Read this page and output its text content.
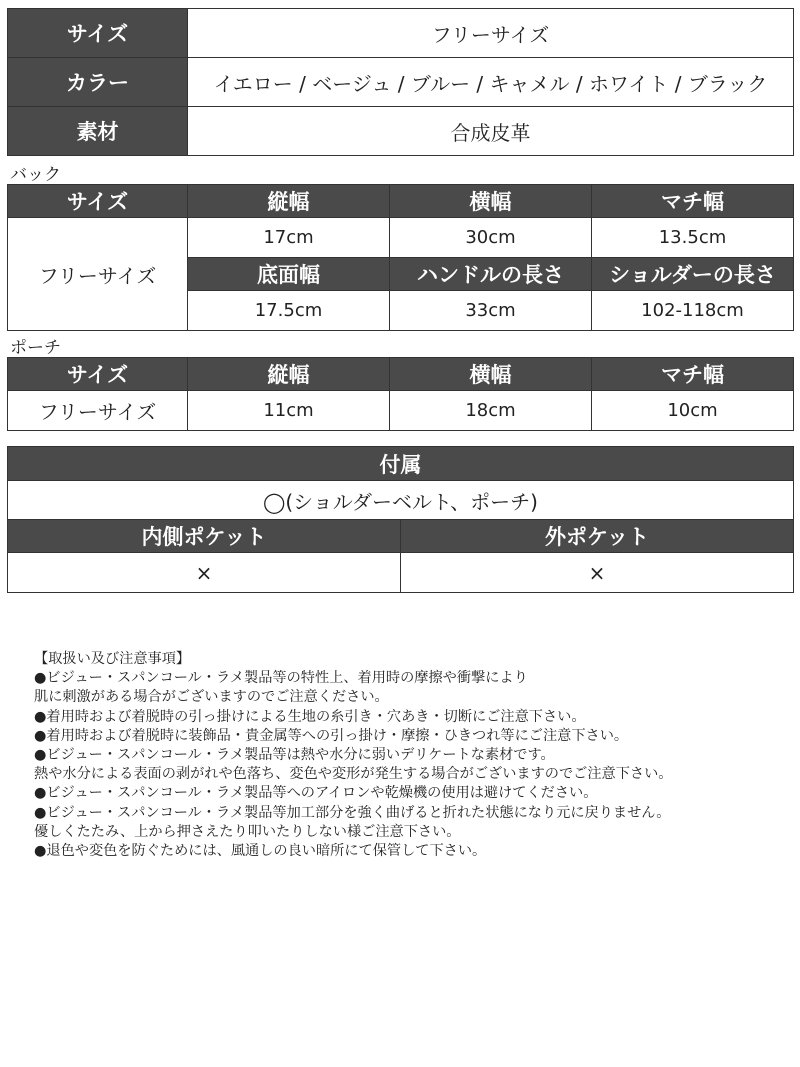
サイズ	フリーサイズ
カラー	イエロー / ベージュ / ブルー / キャメル / ホワイト / ブラック
素材	合成皮革
バック
サイズ	縦幅	横幅	マチ幅
フリーサイズ	17cm	30cm	13.5cm
	底面幅	ハンドルの長さ	ショルダーの長さ
	17.5cm	33cm	102-118cm
ポーチ
サイズ	縦幅	横幅	マチ幅
フリーサイズ	11cm	18cm	10cm
付属	
◯(ショルダーベルト、ポーチ)	
内側ポケット	外ポケット
×	×
【取扱い及び注意事項】
●ビジュー・スパンコール・ラメ製品等の特性上、着用時の摩擦や衝撃により
肌に刺激がある場合がございますのでご注意ください。
●着用時および着脱時の引っ掛けによる生地の糸引き・穴あき・切断にご注意下さい。
●着用時および着脱時に装飾品・貴金属等への引っ掛け・摩擦・ひきつれ等にご注意下さい。
●ビジュー・スパンコール・ラメ製品等は熱や水分に弱いデリケートな素材です。
熱や水分による表面の剥がれや色落ち、変色や変形が発生する場合がございますのでご注意下さい。
●ビジュー・スパンコール・ラメ製品等へのアイロンや乾燥機の使用は避けてください。
●ビジュー・スパンコール・ラメ製品等加工部分を強く曲げると折れた状態になり元に戻りません。
優しくたたみ、上から押さえたり叩いたりしない様ご注意下さい。
●退色や変色を防ぐためには、風通しの良い暗所にて保管して下さい。
